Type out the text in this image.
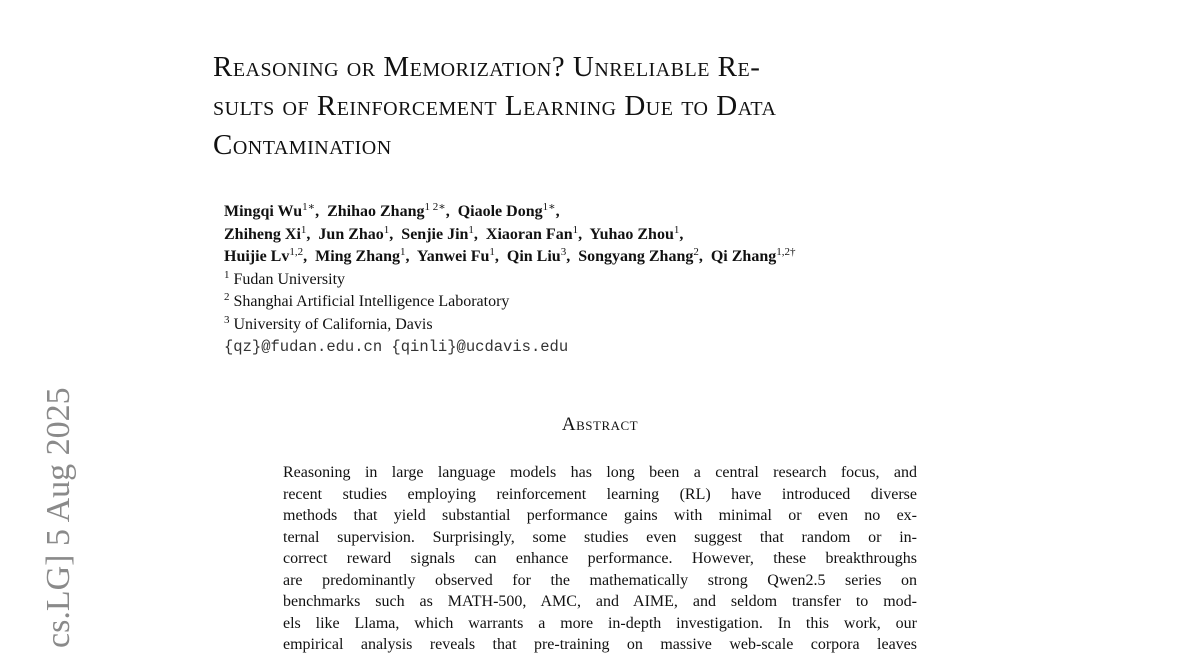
cs.LG] 5 Aug 2025
Reasoning or Memorization? Unreliable Re-
sults of Reinforcement Learning Due to Data
Contamination
Mingqi $Wu^{1∗}$,  Zhihao Zhang$^{1 2∗}$,  Qiaole Dong$^{1∗}$,
Zhiheng Xi$^1$,  Jun Zhao$^1$,  Senjie Jin$^1$,  Xiaoran Fan$^1$,  Yuhao Zhou$^1$,
Huijie Lv$^{1,2}$,  Ming Zhang$^1$,  Yanwei Fu$^1$,  Qin Liu$^3$,  Songyang Zhang$^2$,  Qi Zhang$^{1,2\dagger}$
$^1$ Fudan University
$^2$ Shanghai Artificial Intelligence Laboratory
$^3$ University of California, Davis
{qz}@fudan.edu.cn {qinli}@ucdavis.edu
Abstract
Reasoning in large language models has long been a central research focus, and
recent studies employing reinforcement learning (RL) have introduced diverse
methods that yield substantial performance gains with minimal or even no ex-
ternal supervision. Surprisingly, some studies even suggest that random or in-
correct reward signals can enhance performance. However, these breakthroughs
are predominantly observed for the mathematically strong Qwen2.5 series on
benchmarks such as MATH-500, AMC, and AIME, and seldom transfer to mod-
els like Llama, which warrants a more in-depth investigation. In this work, our
empirical analysis reveals that pre-training on massive web-scale corpora leaves
